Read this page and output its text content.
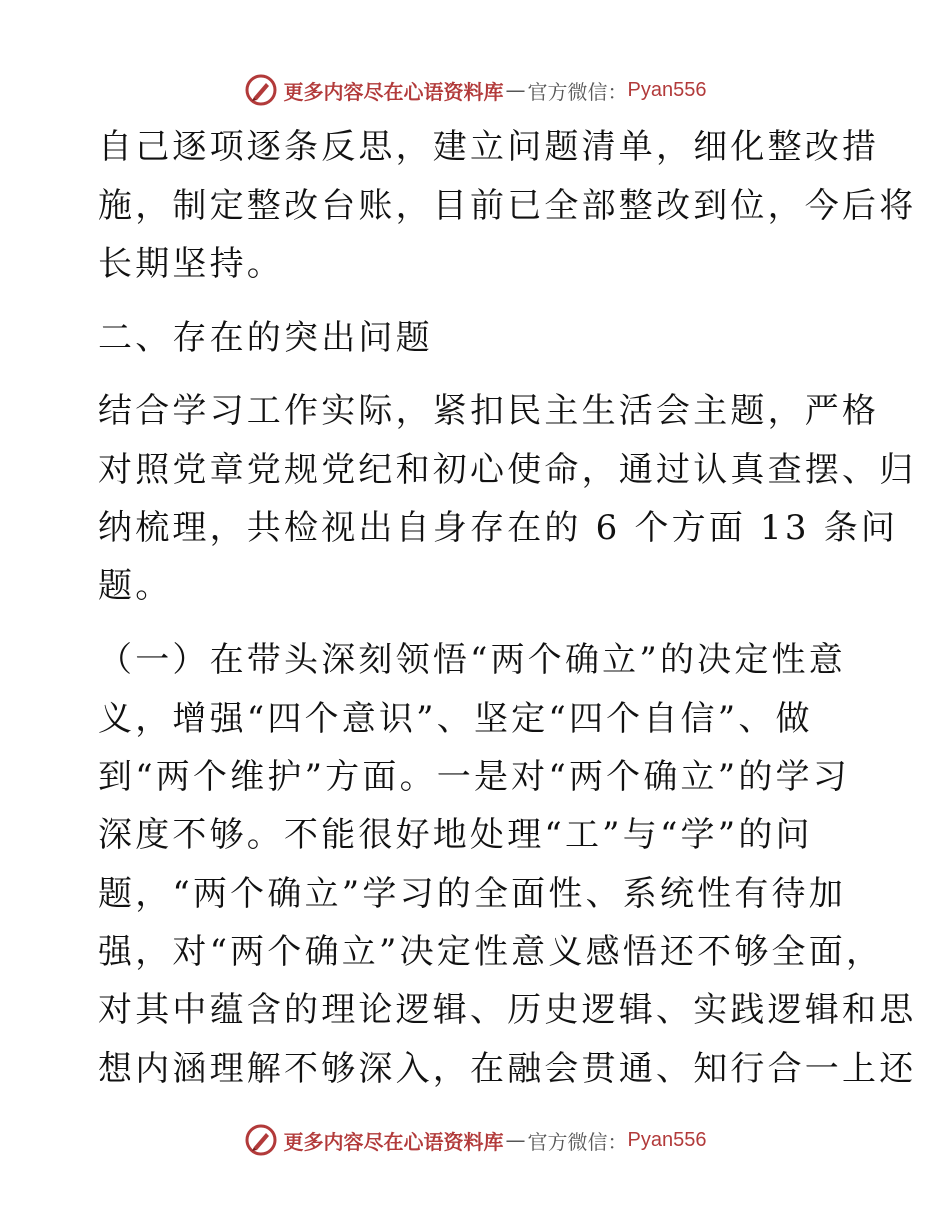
更多内容尽在心语资料库 — 官方微信： Pyan556
自己逐项逐条反思，建立问题清单，细化整改措
施，制定整改台账，目前已全部整改到位，今后将
长期坚持。
二、存在的突出问题
结合学习工作实际，紧扣民主生活会主题，严格
对照党章党规党纪和初心使命，通过认真查摆、归
纳梳理，共检视出自身存在的 6 个方面 13 条问
题。
（一）在带头深刻领悟“两个确立”的决定性意
义，增强“四个意识”、坚定“四个自信”、做
到“两个维护”方面。一是对“两个确立”的学习
深度不够。不能很好地处理“工”与“学”的问
题，“两个确立”学习的全面性、系统性有待加
强，对“两个确立”决定性意义感悟还不够全面，
对其中蕴含的理论逻辑、历史逻辑、实践逻辑和思
想内涵理解不够深入，在融会贯通、知行合一上还
更多内容尽在心语资料库 — 官方微信： Pyan556
